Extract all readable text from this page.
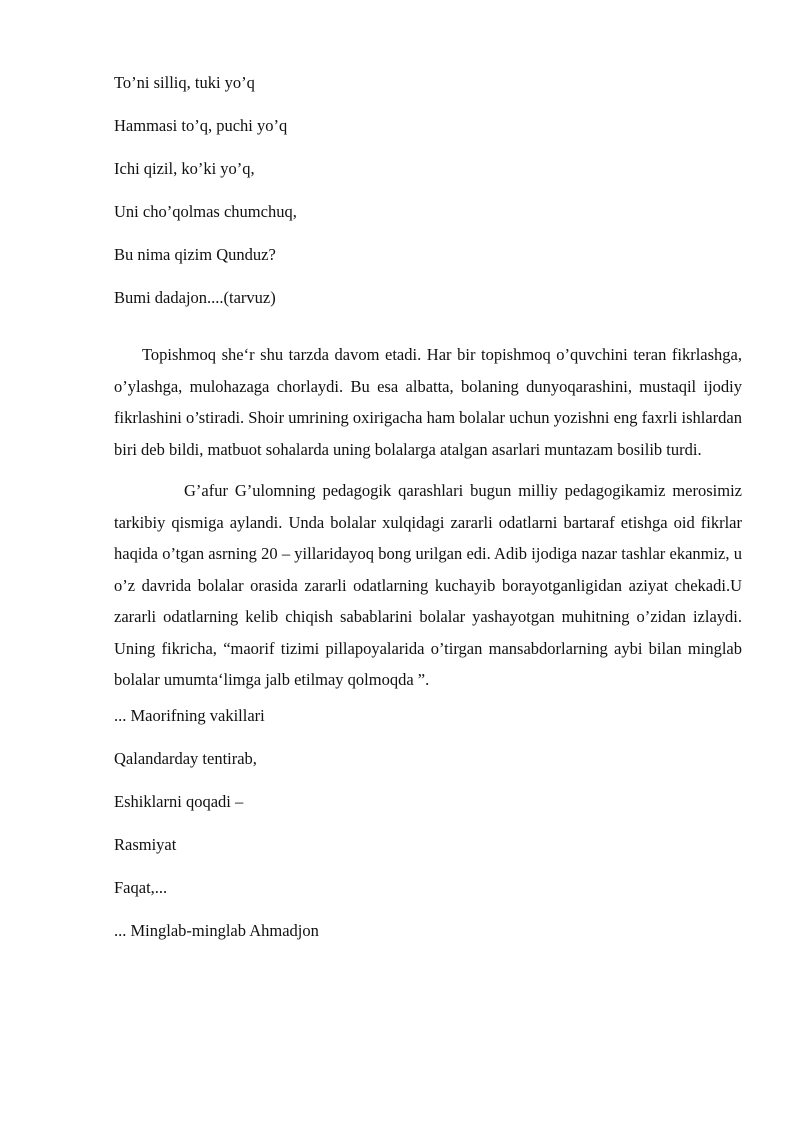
To’ni silliq, tuki yo’q

Hammasi to’q, puchi yo’q

Ichi qizil, ko’ki yo’q,

Uni cho’qolmas chumchuq,

Bu nima qizim Qunduz?

Bumi dadajon....(tarvuz)

Topishmoq she‘r shu tarzda davom etadi. Har bir topishmoq o’quvchini teran fikrlashga, o’ylashga, mulohazaga chorlaydi. Bu esa albatta, bolaning dunyoqarashini, mustaqil ijodiy fikrlashini o’stiradi. Shoir umrining oxirigacha ham bolalar uchun yozishni eng faxrli ishlardan biri deb bildi, matbuot sohalarda uning bolalarga atalgan asarlari muntazam bosilib turdi.

G’afur G’ulomning pedagogik qarashlari bugun milliy pedagogikamiz merosimiz tarkibiy qismiga aylandi. Unda bolalar xulqidagi zararli odatlarni bartaraf etishga oid fikrlar haqida o’tgan asrning 20 – yillaridayoq bong urilgan edi. Adib ijodiga nazar tashlar ekanmiz, u o’z davrida bolalar orasida zararli odatlarning kuchayib borayotganligidan aziyat chekadi.U zararli odatlarning kelib chiqish sabablarini bolalar yashayotgan muhitning o’zidan izlaydi. Uning fikricha, “maorif tizimi pillapoyalarida o’tirgan mansabdorlarning aybi bilan minglab bolalar umumta‘limga jalb etilmay qolmoqda ”.

... Maorifning vakillari

Qalandarday tentirab,

Eshiklarni qoqadi –

Rasmiyat

Faqat,...

... Minglab-minglab Ahmadjon
